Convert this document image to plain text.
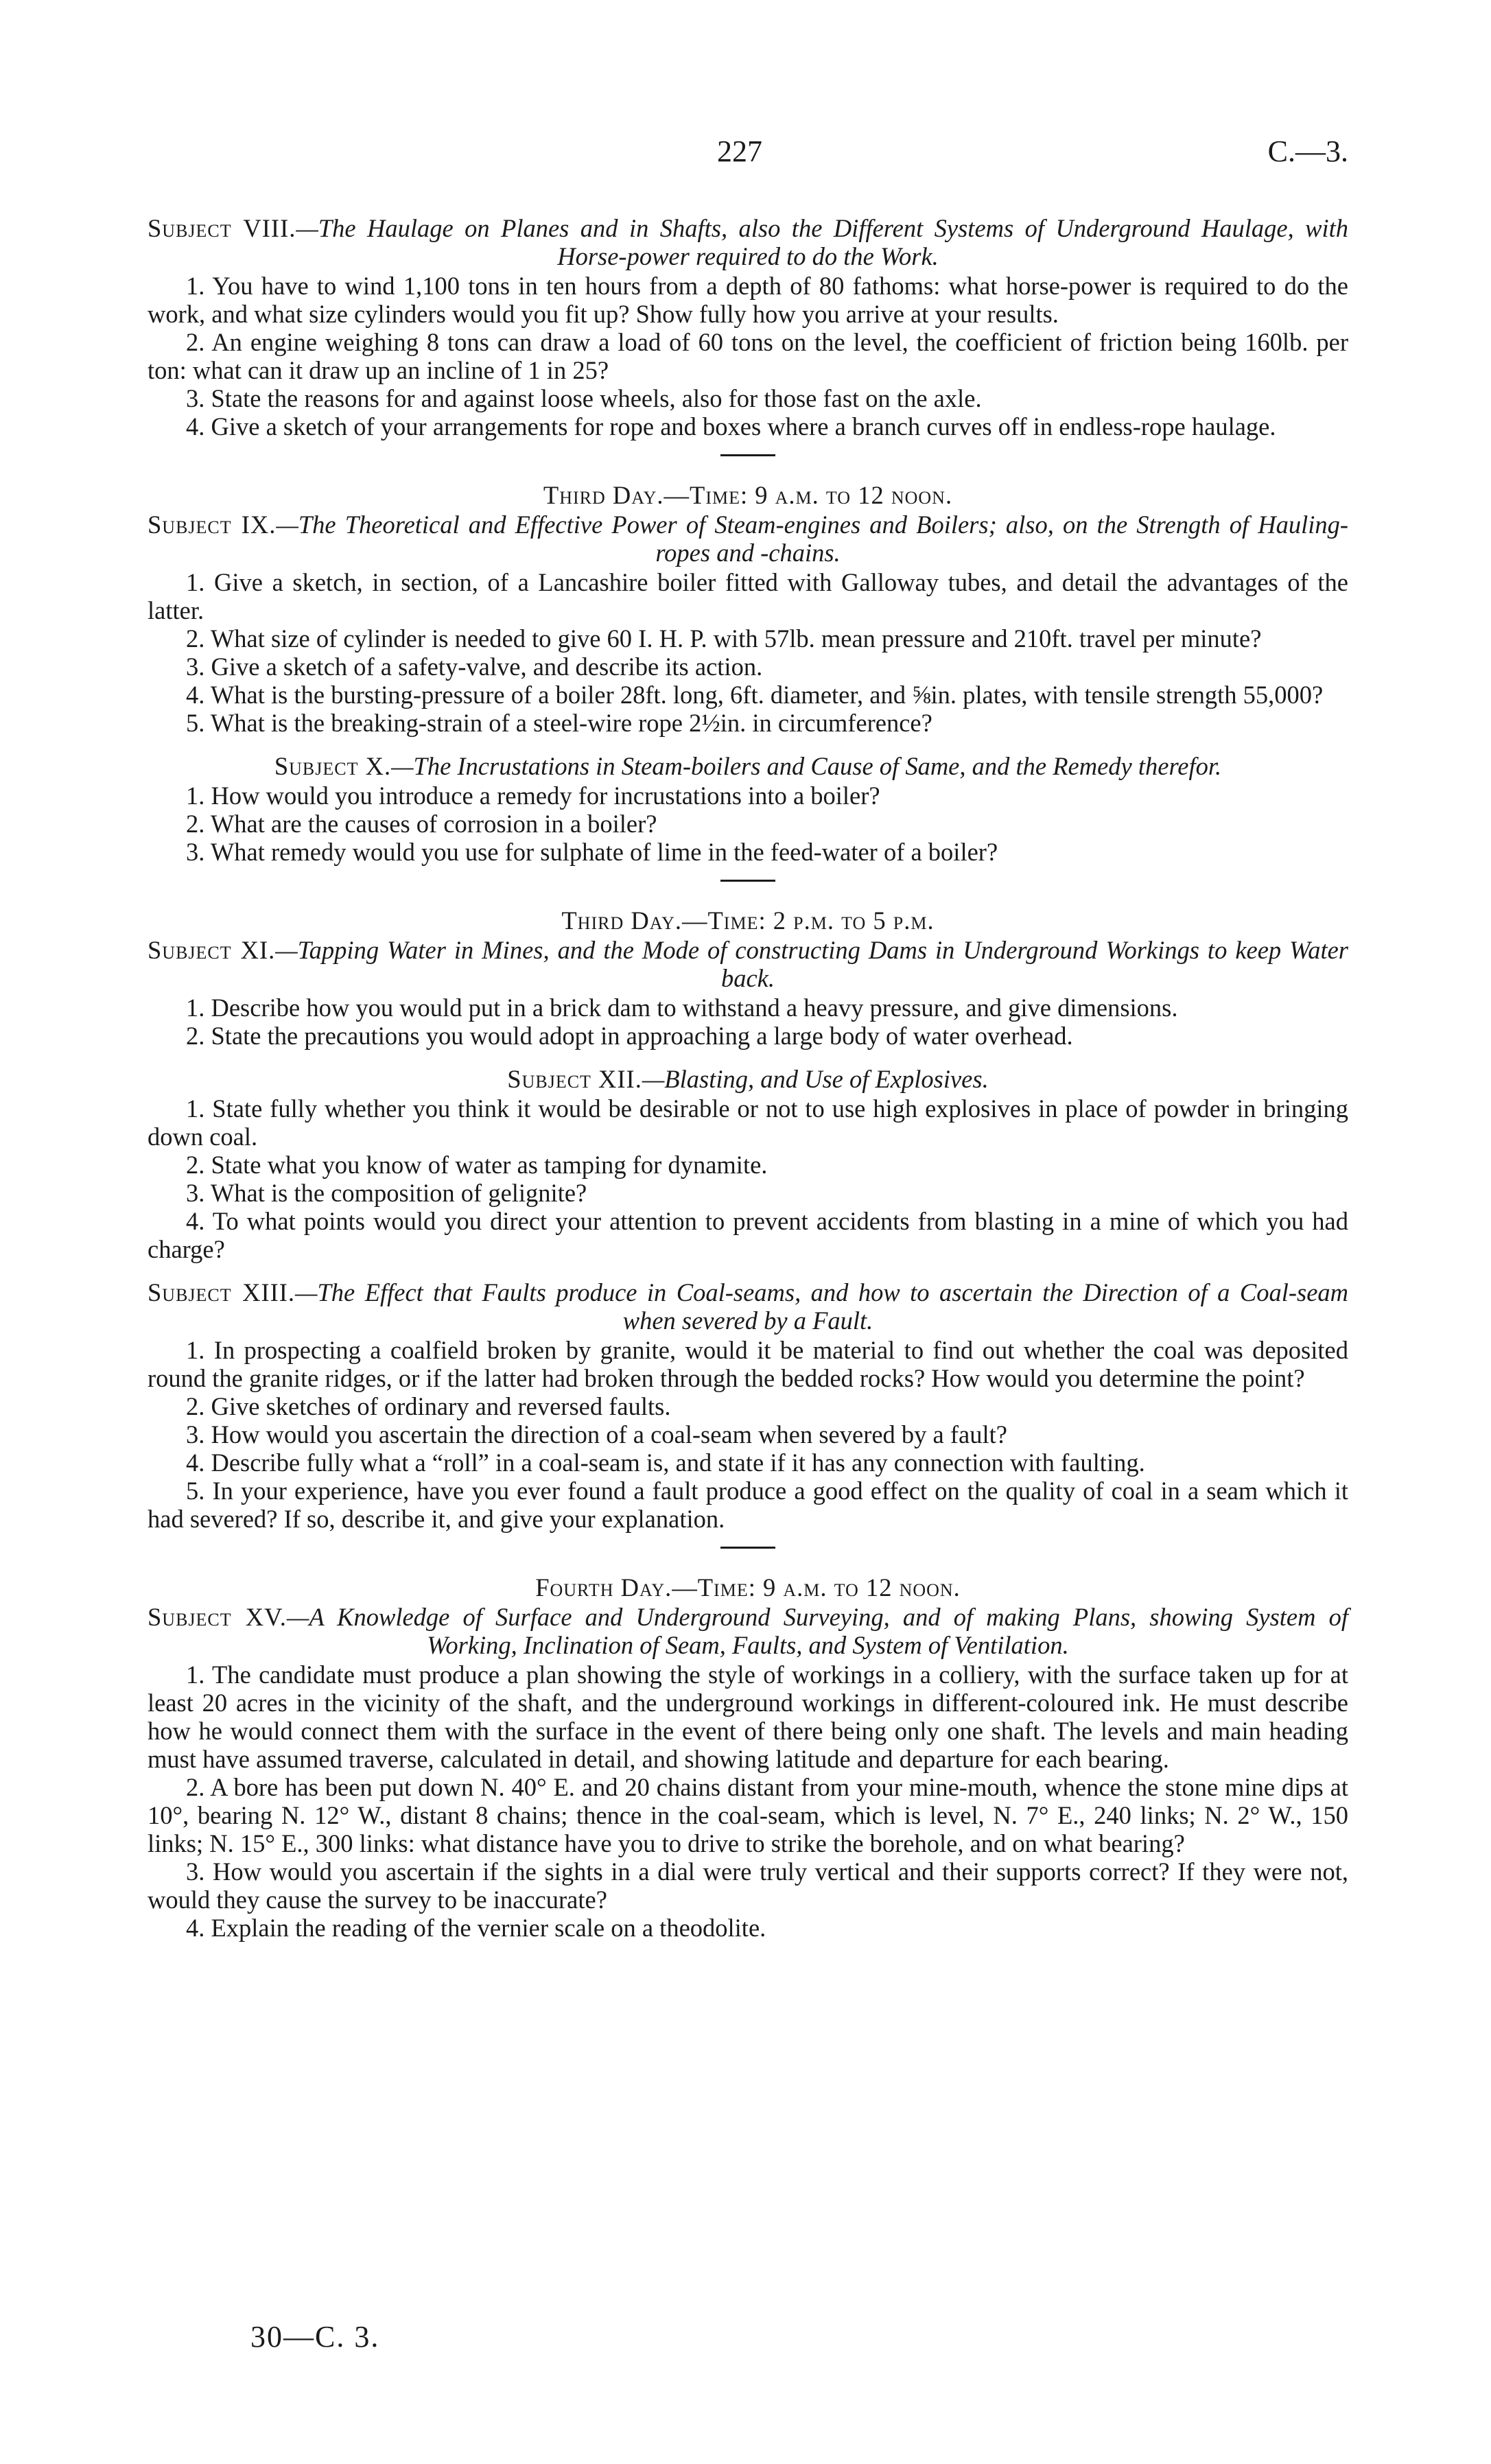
227	C.—3.

Subject VIII.—The Haulage on Planes and in Shafts, also the Different Systems of Underground Haulage, with Horse-power required to do the Work.

1. You have to wind 1,100 tons in ten hours from a depth of 80 fathoms: what horse-power is required to do the work, and what size cylinders would you fit up? Show fully how you arrive at your results.

2. An engine weighing 8 tons can draw a load of 60 tons on the level, the coefficient of friction being 160lb. per ton: what can it draw up an incline of 1 in 25?

3. State the reasons for and against loose wheels, also for those fast on the axle.

4. Give a sketch of your arrangements for rope and boxes where a branch curves off in endless-rope haulage.

Third Day.—Time: 9 a.m. to 12 noon.

Subject IX.—The Theoretical and Effective Power of Steam-engines and Boilers; also, on the Strength of Hauling-ropes and -chains.

1. Give a sketch, in section, of a Lancashire boiler fitted with Galloway tubes, and detail the advantages of the latter.

2. What size of cylinder is needed to give 60 I. H. P. with 57lb. mean pressure and 210ft. travel per minute?

3. Give a sketch of a safety-valve, and describe its action.

4. What is the bursting-pressure of a boiler 28ft. long, 6ft. diameter, and ⅝in. plates, with tensile strength 55,000?

5. What is the breaking-strain of a steel-wire rope 2½in. in circumference?

Subject X.—The Incrustations in Steam-boilers and Cause of Same, and the Remedy therefor.

1. How would you introduce a remedy for incrustations into a boiler?

2. What are the causes of corrosion in a boiler?

3. What remedy would you use for sulphate of lime in the feed-water of a boiler?

Third Day.—Time: 2 p.m. to 5 p.m.

Subject XI.—Tapping Water in Mines, and the Mode of constructing Dams in Underground Workings to keep Water back.

1. Describe how you would put in a brick dam to withstand a heavy pressure, and give dimensions.

2. State the precautions you would adopt in approaching a large body of water overhead.

Subject XII.—Blasting, and Use of Explosives.

1. State fully whether you think it would be desirable or not to use high explosives in place of powder in bringing down coal.

2. State what you know of water as tamping for dynamite.

3. What is the composition of gelignite?

4. To what points would you direct your attention to prevent accidents from blasting in a mine of which you had charge?

Subject XIII.—The Effect that Faults produce in Coal-seams, and how to ascertain the Direction of a Coal-seam when severed by a Fault.

1. In prospecting a coalfield broken by granite, would it be material to find out whether the coal was deposited round the granite ridges, or if the latter had broken through the bedded rocks? How would you determine the point?

2. Give sketches of ordinary and reversed faults.

3. How would you ascertain the direction of a coal-seam when severed by a fault?

4. Describe fully what a “roll” in a coal-seam is, and state if it has any connection with faulting.

5. In your experience, have you ever found a fault produce a good effect on the quality of coal in a seam which it had severed? If so, describe it, and give your explanation.

Fourth Day.—Time: 9 a.m. to 12 noon.

Subject XV.—A Knowledge of Surface and Underground Surveying, and of making Plans, showing System of Working, Inclination of Seam, Faults, and System of Ventilation.

1. The candidate must produce a plan showing the style of workings in a colliery, with the surface taken up for at least 20 acres in the vicinity of the shaft, and the underground workings in different-coloured ink. He must describe how he would connect them with the surface in the event of there being only one shaft. The levels and main heading must have assumed traverse, calculated in detail, and showing latitude and departure for each bearing.

2. A bore has been put down N. 40° E. and 20 chains distant from your mine-mouth, whence the stone mine dips at 10°, bearing N. 12° W., distant 8 chains; thence in the coal-seam, which is level, N. 7° E., 240 links; N. 2° W., 150 links; N. 15° E., 300 links: what distance have you to drive to strike the borehole, and on what bearing?

3. How would you ascertain if the sights in a dial were truly vertical and their supports correct? If they were not, would they cause the survey to be inaccurate?

4. Explain the reading of the vernier scale on a theodolite.

30—C. 3.
